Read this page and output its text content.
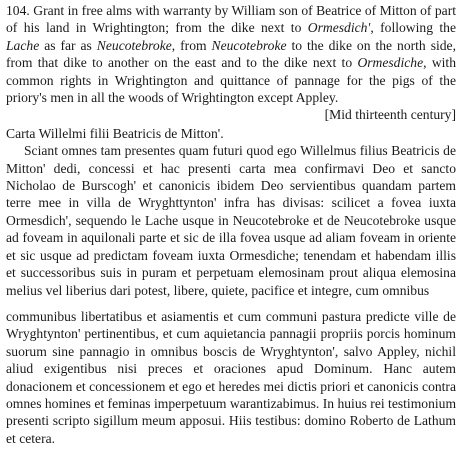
104. Grant in free alms with warranty by William son of Beatrice of Mitton of part of his land in Wrightington; from the dike next to Ormesdich', following the Lache as far as Neucotebroke, from Neucotebroke to the dike on the north side, from that dike to another on the east and to the dike next to Ormesdiche, with common rights in Wrightington and quittance of pannage for the pigs of the priory's men in all the woods of Wrightington except Appley.

[Mid thirteenth century]

Carta Willelmi filii Beatricis de Mitton'.

Sciant omnes tam presentes quam futuri quod ego Willelmus filius Beatricis de Mitton' dedi, concessi et hac presenti carta mea confirmavi Deo et sancto Nicholao de Burscogh' et canonicis ibidem Deo servientibus quandam partem terre mee in villa de Wryghttynton' infra has divisas: scilicet a fovea iuxta Ormesdich', sequendo le Lache usque in Neucotebroke et de Neucotebroke usque ad foveam in aquilonali parte et sic de illa fovea usque ad aliam foveam in oriente et sic usque ad predictam foveam iuxta Ormesdiche; tenendam et habendam illis et successoribus suis in puram et perpetuam elemosinam prout aliqua elemosina melius vel liberius dari potest, libere, quiete, pacifice et integre, cum omnibus

communibus libertatibus et asiamentis et cum communi pastura predicte ville de Wryghtynton' pertinentibus, et cum aquietancia pannagii propriis porcis hominum suorum sine pannagio in omnibus boscis de Wryghtynton', salvo Appley, nichil aliud exigentibus nisi preces et oraciones apud Dominum. Hanc autem donacionem et concessionem et ego et heredes mei dictis priori et canonicis contra omnes homines et feminas imperpetuum warantizabimus. In huius rei testimonium presenti scripto sigillum meum apposui. Hiis testibus: domino Roberto de Lathum et cetera.
